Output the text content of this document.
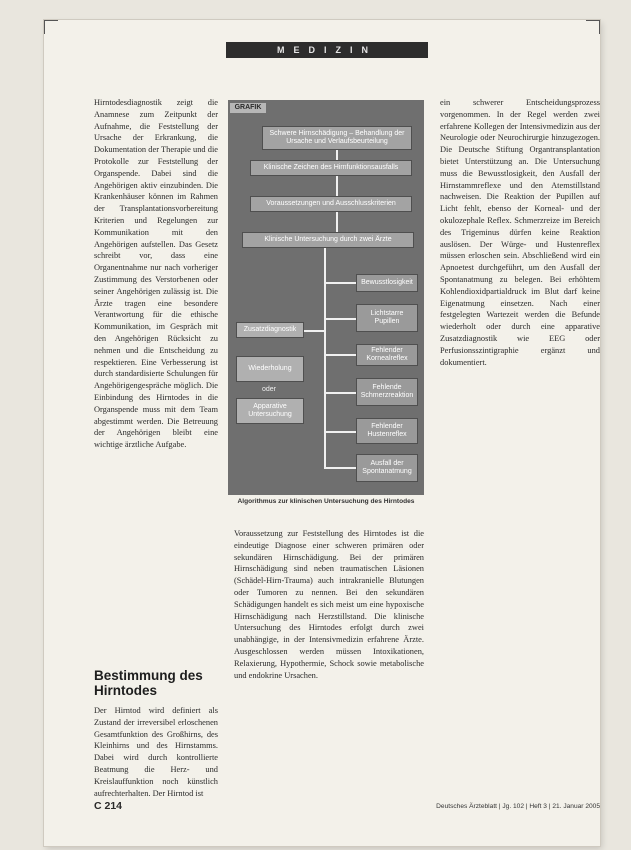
MEDIZIN

Hirntodesdiagnostik zeigt die Anamnese zum Zeitpunkt der Aufnahme, die Feststellung der Ursache der Erkrankung, die Dokumentation der Therapie und die Protokolle zur Feststellung der Organspende. Dabei sind die Angehörigen aktiv einzubinden. Die Krankenhäuser können im Rahmen der Transplantationsvorbereitung Kriterien und Regelungen zur Kommunikation mit den Angehörigen aufstellen. Das Gesetz schreibt vor, dass eine Organentnahme nur nach vorheriger Zustimmung des Verstorbenen oder seiner Angehörigen zulässig ist. Die Ärzte tragen eine besondere Verantwortung für die ethische Kommunikation, im Gespräch mit den Angehörigen Rücksicht zu nehmen und die Entscheidung zu respektieren. Eine Verbesserung ist durch standardisierte Schulungen für Angehörigengespräche möglich. Die Einbindung des Hirntodes in die Organspende muss mit dem Team abgestimmt werden. Die Betreuung der Angehörigen bleibt eine wichtige ärztliche Aufgabe.

Bestimmung des Hirntodes

Der Hirntod wird definiert als Zustand der irreversibel erloschenen Gesamtfunktion des Großhirns, des Kleinhirns und des Hirnstamms. Dabei wird durch kontrollierte Beatmung die Herz- und Kreislauffunktion noch künstlich aufrechterhalten. Der Hirntod ist

GRAFIK
Schwere Hirnschädigung – Behandlung der Ursache und Verlaufsbeurteilung
Klinische Zeichen des Hirnfunktionsausfalls
Voraussetzungen und Ausschlusskriterien
Klinische Untersuchung durch zwei Ärzte
Bewusstlosigkeit
Lichtstarre Pupillen
Fehlender Kornealreflex
Fehlende Schmerzreaktion
Fehlender Hustenreflex
Ausfall der Spontanatmung
Zusatzdiagnostik
Wiederholung
oder
Apparative Untersuchung
Algorithmus zur klinischen Untersuchung des Hirntodes

Voraussetzung zur Feststellung des Hirntodes ist die eindeutige Diagnose einer schweren primären oder sekundären Hirnschädigung. Bei der primären Hirnschädigung sind neben traumatischen Läsionen (Schädel-Hirn-Trauma) auch intrakranielle Blutungen oder Tumoren zu nennen. Bei den sekundären Schädigungen handelt es sich meist um eine hypoxische Hirnschädigung nach Herzstillstand. Die klinische Untersuchung des Hirntodes erfolgt durch zwei unabhängige, in der Intensivmedizin erfahrene Ärzte. Ausgeschlossen werden müssen Intoxikationen, Relaxierung, Hypothermie, Schock sowie metabolische und endokrine Ursachen.

ein schwerer Entscheidungsprozess vorgenommen. In der Regel werden zwei erfahrene Kollegen der Intensivmedizin aus der Neurologie oder Neurochirurgie hinzugezogen. Die Deutsche Stiftung Organtransplantation bietet Unterstützung an. Die Untersuchung muss die Bewusstlosigkeit, den Ausfall der Hirnstammreflexe und den Atemstillstand nachweisen. Die Reaktion der Pupillen auf Licht fehlt, ebenso der Korneal- und der okulozephale Reflex. Schmerzreize im Bereich des Trigeminus dürfen keine Reaktion auslösen. Der Würge- und Hustenreflex müssen erloschen sein. Abschließend wird ein Apnoetest durchgeführt, um den Ausfall der Spontanatmung zu belegen. Bei erhöhtem Kohlendioxidpartialdruck im Blut darf keine Eigenatmung einsetzen. Nach einer festgelegten Wartezeit werden die Befunde wiederholt oder durch eine apparative Zusatzdiagnostik wie EEG oder Perfusionsszintigraphie ergänzt und dokumentiert.

C 214	Deutsches Ärzteblatt | Jg. 102 | Heft 3 | 21. Januar 2005
